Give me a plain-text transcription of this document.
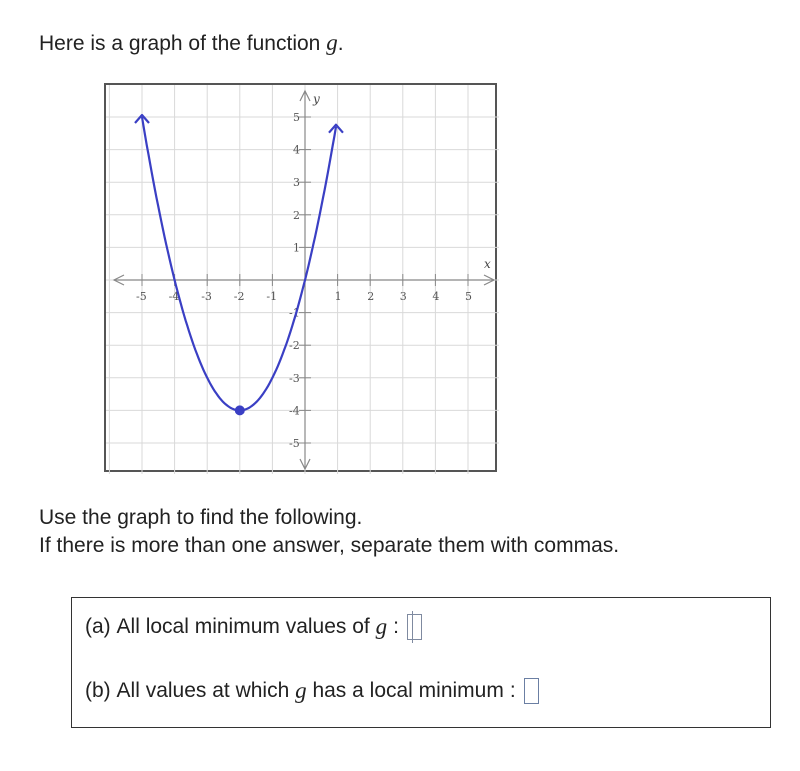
Here is a graph of the function g.
-5 -4 -3 -2 -1	1 2 3 4 5
5
4
3
2
1
-1
-2
-3
-4
-5
x
y
Use the graph to find the following.
If there is more than one answer, separate them with commas.
(a)
All local minimum values of
g :
(b)
All values at which
g
has a local minimum :
